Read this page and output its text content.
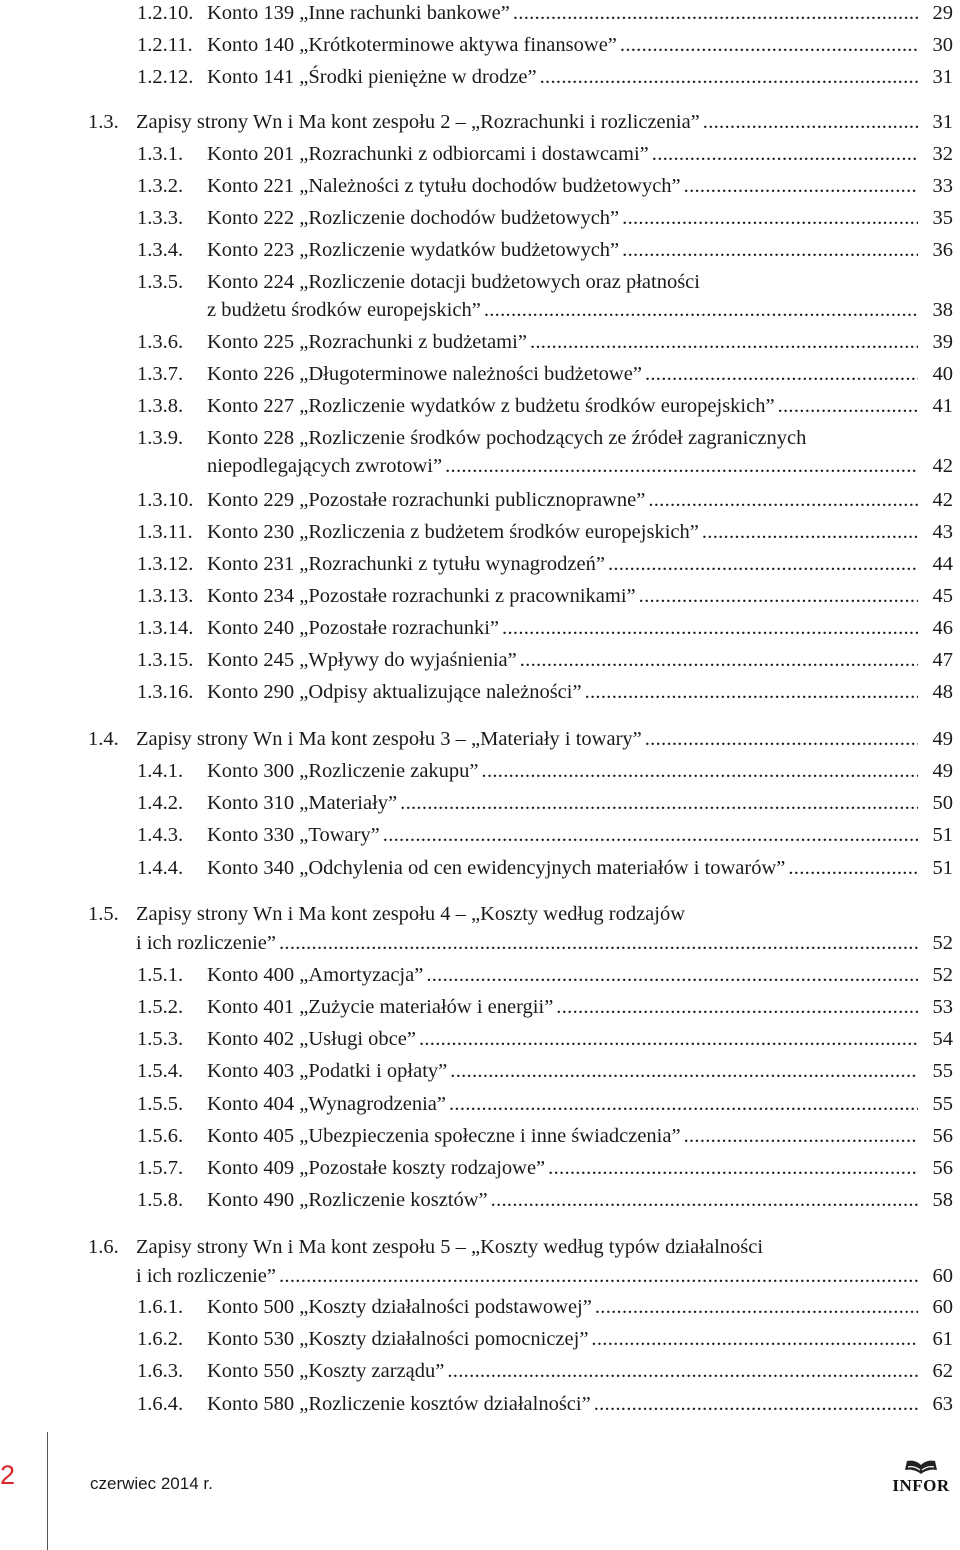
1.2.10. Konto 139 „Inne rachunki bankowe” .....	29
1.2.11. Konto 140 „Krótkoterminowe aktywa finansowe” .....	30
1.2.12. Konto 141 „Środki pieniężne w drodze” .....	31
1.3. Zapisy strony Wn i Ma kont zespołu 2 – „Rozrachunki i rozliczenia” .....	31
1.3.1. Konto 201 „Rozrachunki z odbiorcami i dostawcami” .....	32
1.3.2. Konto 221 „Należności z tytułu dochodów budżetowych” .....	33
1.3.3. Konto 222 „Rozliczenie dochodów budżetowych” .....	35
1.3.4. Konto 223 „Rozliczenie wydatków budżetowych” .....	36
1.3.5. Konto 224 „Rozliczenie dotacji budżetowych oraz płatności
z budżetu środków europejskich” .....	38
1.3.6. Konto 225 „Rozrachunki z budżetami” .....	39
1.3.7. Konto 226 „Długoterminowe należności budżetowe” .....	40
1.3.8. Konto 227 „Rozliczenie wydatków z budżetu środków europejskich” .....	41
1.3.9. Konto 228 „Rozliczenie środków pochodzących ze źródeł zagranicznych
niepodlegających zwrotowi” .....	42
1.3.10. Konto 229 „Pozostałe rozrachunki publicznoprawne” .....	42
1.3.11. Konto 230 „Rozliczenia z budżetem środków europejskich” .....	43
1.3.12. Konto 231 „Rozrachunki z tytułu wynagrodzeń” .....	44
1.3.13. Konto 234 „Pozostałe rozrachunki z pracownikami” .....	45
1.3.14. Konto 240 „Pozostałe rozrachunki” .....	46
1.3.15. Konto 245 „Wpływy do wyjaśnienia” .....	47
1.3.16. Konto 290 „Odpisy aktualizujące należności” .....	48
1.4. Zapisy strony Wn i Ma kont zespołu 3 – „Materiały i towary” .....	49
1.4.1. Konto 300 „Rozliczenie zakupu” .....	49
1.4.2. Konto 310 „Materiały” .....	50
1.4.3. Konto 330 „Towary” .....	51
1.4.4. Konto 340 „Odchylenia od cen ewidencyjnych materiałów i towarów” .....	51
1.5. Zapisy strony Wn i Ma kont zespołu 4 – „Koszty według rodzajów
i ich rozliczenie” .....	52
1.5.1. Konto 400 „Amortyzacja” .....	52
1.5.2. Konto 401 „Zużycie materiałów i energii” .....	53
1.5.3. Konto 402 „Usługi obce” .....	54
1.5.4. Konto 403 „Podatki i opłaty” .....	55
1.5.5. Konto 404 „Wynagrodzenia” .....	55
1.5.6. Konto 405 „Ubezpieczenia społeczne i inne świadczenia” .....	56
1.5.7. Konto 409 „Pozostałe koszty rodzajowe” .....	56
1.5.8. Konto 490 „Rozliczenie kosztów” .....	58
1.6. Zapisy strony Wn i Ma kont zespołu 5 – „Koszty według typów działalności
i ich rozliczenie” .....	60
1.6.1. Konto 500 „Koszty działalności podstawowej” .....	60
1.6.2. Konto 530 „Koszty działalności pomocniczej” .....	61
1.6.3. Konto 550 „Koszty zarządu” .....	62
1.6.4. Konto 580 „Rozliczenie kosztów działalności” .....	63
2	czerwiec 2014 r.	INFOR
